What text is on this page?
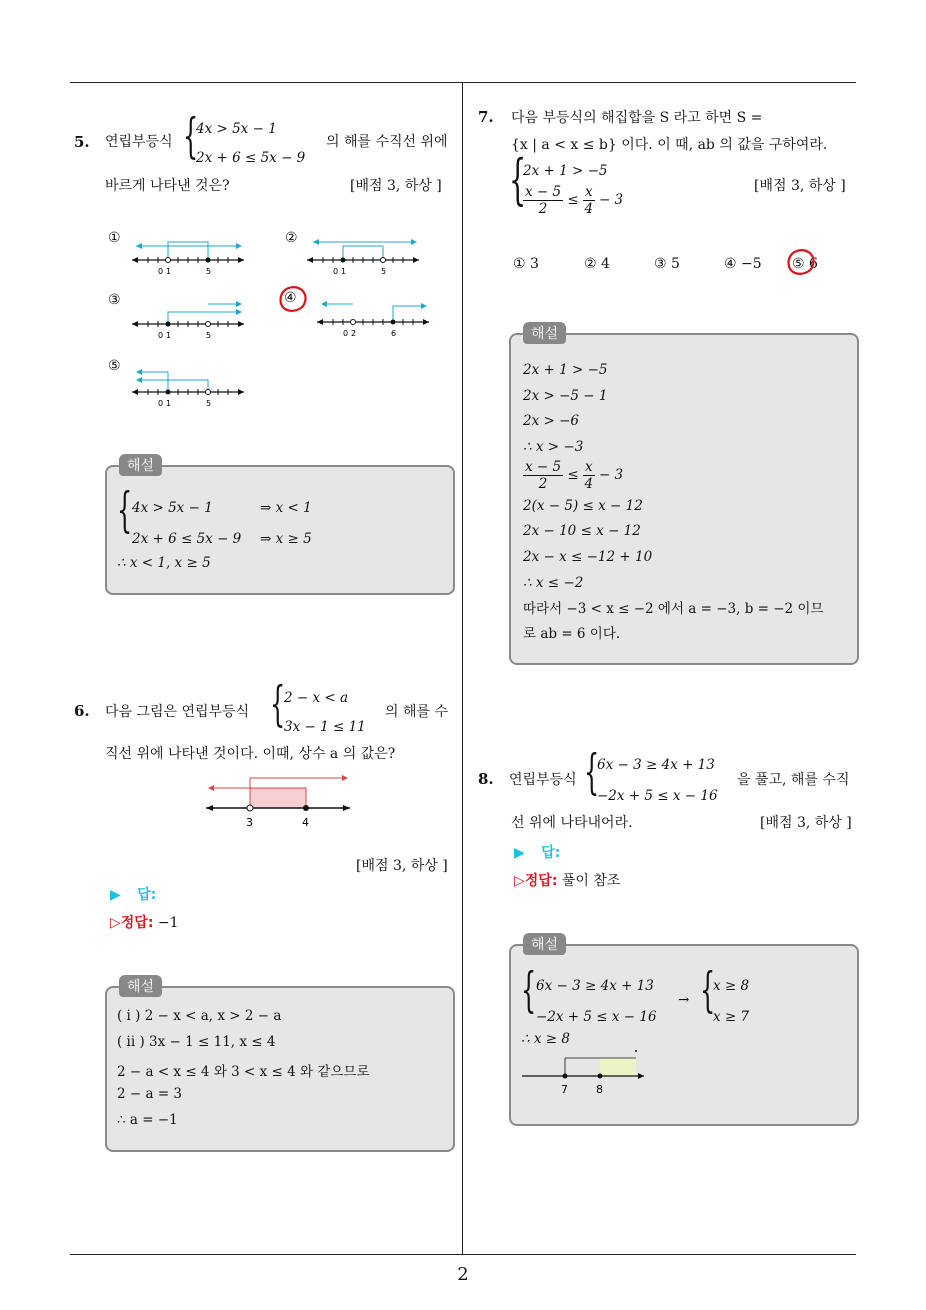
2
5. 연립부등식 {
4x > 5x − 1
2x + 6 ≤ 5x − 9
의 해를 수직선 위에
바르게 나타낸 것은?	[배점 3, 하상 ]
①
0 1	5
②
0 1	5
③
0 1	5
④
0 2	6
⑤
0 1	5
해설
{ 4x > 5x − 1	⇒ x < 1
2x + 6 ≤ 5x − 9 ⇒ x ≥ 5
∴ x < 1, x ≥ 5
6. 다음 그림은 연립부등식 {
2 − x < a
3x − 1 ≤ 11
의 해를 수
직선 위에 나타낸 것이다. 이때, 상수 a 의 값은?
3	4
[배점 3, 하상 ]
▶ 답:
▷정답: −1
해설
( i ) 2 − x < a, x > 2 − a
( ii ) 3x − 1 ≤ 11, x ≤ 4
2 − a < x ≤ 4 와 3 < x ≤ 4 와 같으므로
2 − a = 3
∴ a = −1
7. 다음 부등식의 해집합을 S 라고 하면 S =
{x | a < x ≤ b} 이다. 이 때, ab 의 값을 구하여라.
{
2x + 1 > −5
$\frac{x - 5}{2} \le \frac{x}{4} - 3$
[배점 3, 하상 ]
① 3	② 4	③ 5	④ −5 ⑤ 6
해설
2x + 1 > −5
2x > −5 − 1
2x > −6
∴ x > −3
$\frac{x - 5}{2} \le \frac{x}{4} - 3$
2(x − 5) ≤ x − 12
2x − 10 ≤ x − 12
2x − x ≤ −12 + 10
∴ x ≤ −2
따라서 −3 < x ≤ −2 에서 a = −3, b = −2 이므
로 ab = 6 이다.
8. 연립부등식 {
6x − 3 ≥ 4x + 13
−2x + 5 ≤ x − 16
을 풀고, 해를 수직
선 위에 나타내어라.	[배점 3, 하상 ]
▶ 답:
▷정답: 풀이 참조
해설
{ 6x − 3 ≥ 4x + 13
−2x + 5 ≤ x − 16
→ {
x ≥ 8
x ≥ 7
∴ x ≥ 8
7	8
